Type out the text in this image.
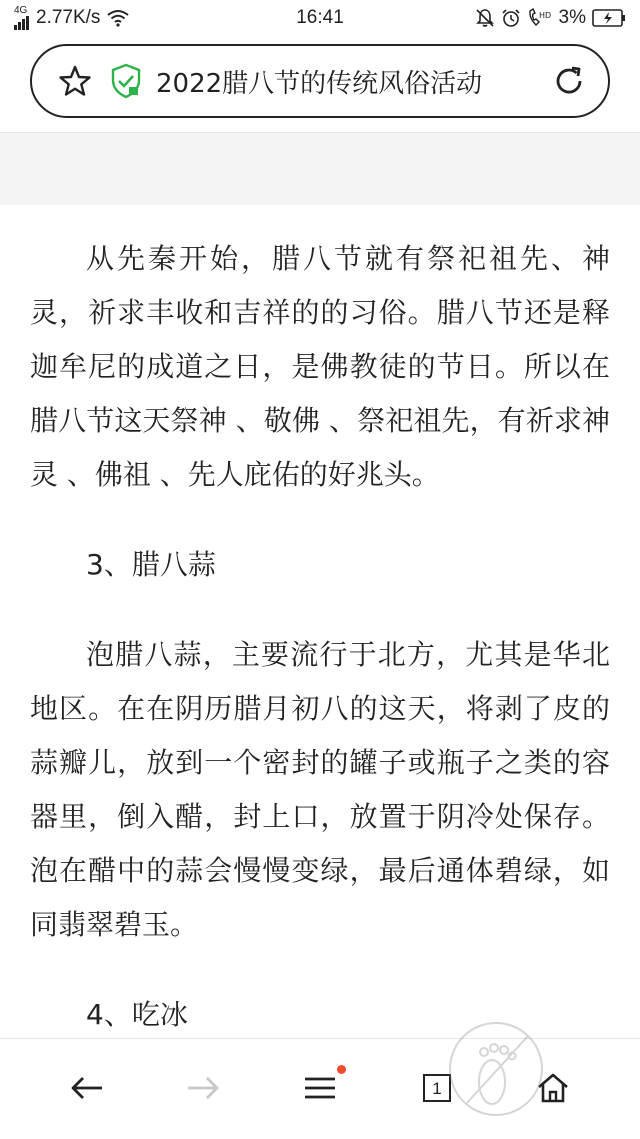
4G 2.77K/s	16:41	HD 3%
2022腊八节的传统风俗活动

从先秦开始，腊八节就有祭祀祖先、神灵，祈求丰收和吉祥的的习俗。腊八节还是释迦牟尼的成道之日，是佛教徒的节日。所以在腊八节这天祭神 、敬佛 、祭祀祖先，有祈求神灵 、佛祖 、先人庇佑的好兆头。

3、腊八蒜

泡腊八蒜，主要流行于北方，尤其是华北地区。在在阴历腊月初八的这天，将剥了皮的蒜瓣儿，放到一个密封的罐子或瓶子之类的容器里，倒入醋，封上口，放置于阴冷处保存。泡在醋中的蒜会慢慢变绿，最后通体碧绿，如同翡翠碧玉。

4、吃冰
1
